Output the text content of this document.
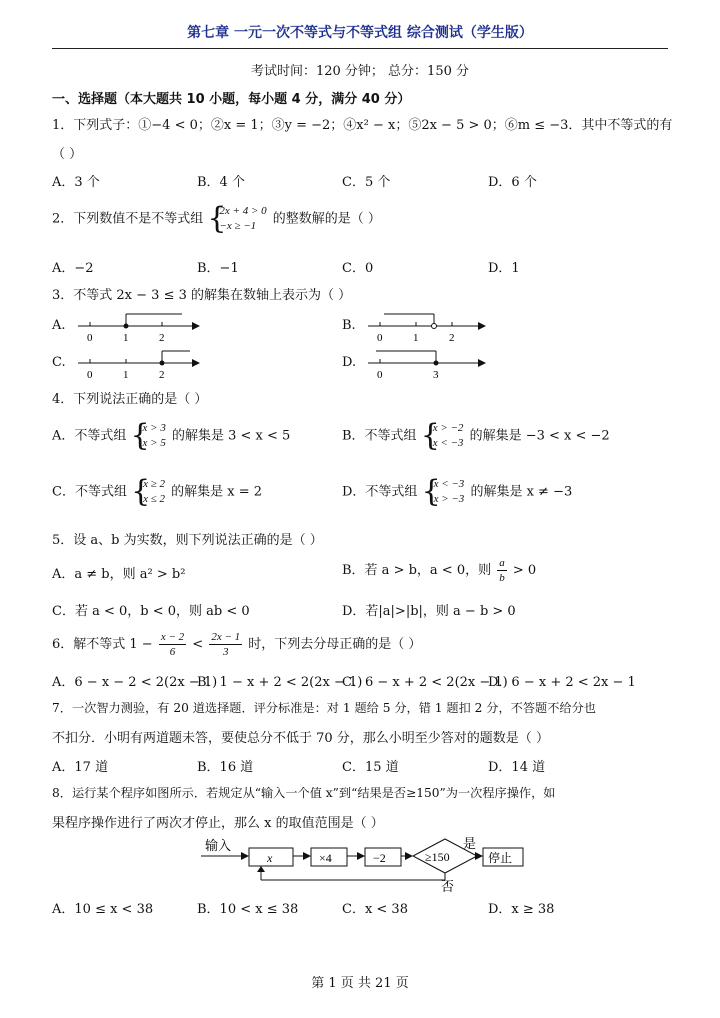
第七章 一元一次不等式与不等式组 综合测试（学生版）
考试时间：120 分钟； 总分：150 分
一、选择题（本大题共 10 小题，每小题 4 分，满分 40 分）
1．下列式子：①−4 < 0；②x = 1；③y = −2；④x² − x；⑤2x − 5 > 0；⑥m ≤ −3．其中不等式的有
（ ）
A．3 个	B．4 个	C．5 个	D．6 个
2．下列数值不是不等式组
{ 2x + 4 > 0
−x ≥ −1	的整数解的是（ ）
A．−2	B．−1	C．0	D．1
3．不等式 2x − 3 ≤ 3 的解集在数轴上表示为（ ）
A.
0	1	2
B.
0	1	2
C.
0	1	2
D.
0	3
4．下列说法正确的是（ ）
A．不等式组
{ x > 3
x > 5 的解集是 3 < x < 5	B．不等式组
{ x > −2
x < −3 的解集是 −3 < x < −2
C．不等式组
{ x ≥ 2
x ≤ 2 的解集是 x = 2	D．不等式组
{ x < −3
x > −3 的解集是 x ≠ −3
5．设 a、b 为实数，则下列说法正确的是（ ）
A．a ≠ b，则 a² > b²	B．若 a > b，a < 0，则 $\frac{a}{b} > 0$
C．若 a < 0，b < 0，则 ab < 0	D．若|a|>|b|，则 a − b > 0
6．解不等式 $1 - \frac{x - 2}{6} < \frac{2x - 1}{3}$ 时，下列去分母正确的是（ ）
A．6 − x − 2 < 2(2x − 1)
B．1 − x + 2 < 2(2x − 1)
C．6 − x + 2 < 2(2x − 1)
D．6 − x + 2 < 2x − 1
7．一次智力测验，有 20 道选择题．评分标准是：对 1 题给 5 分，错 1 题扣 2 分，不答题不给分也
不扣分．小明有两道题未答，要使总分不低于 70 分，那么小明至少答对的题数是（ ）
A．17 道	B．16 道	C．15 道	D．14 道
8．运行某个程序如图所示．若规定从“输入一个值 x”到“结果是否≥150”为一次程序操作，如
果程序操作进行了两次才停止，那么 x 的取值范围是（ ）
输入
x	×4	−2	≥150
是
停止
否
A．10 ≤ x < 38	B．10 < x ≤ 38	C．x < 38	D．x ≥ 38
第 1 页 共 21 页
